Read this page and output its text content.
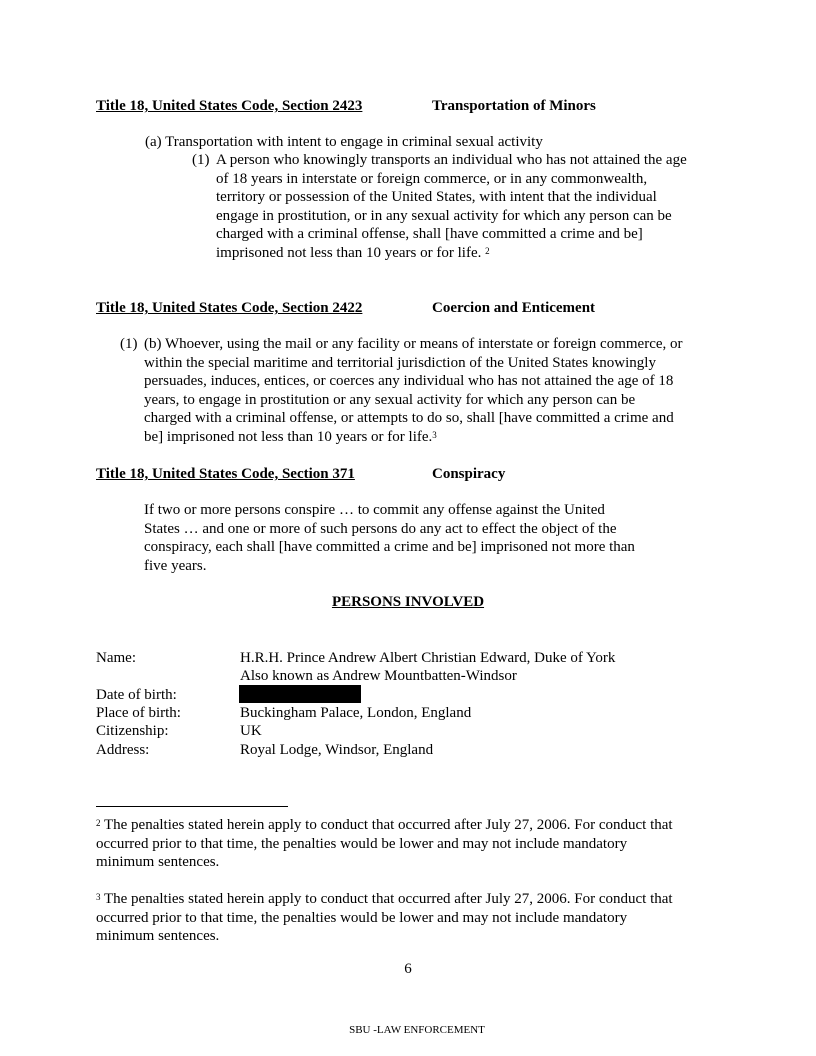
Title 18, United States Code, Section 2423	Transportation of Minors
(a) Transportation with intent to engage in criminal sexual activity
(1) A person who knowingly transports an individual who has not attained the age
of 18 years in interstate or foreign commerce, or in any commonwealth,
territory or possession of the United States, with intent that the individual
engage in prostitution, or in any sexual activity for which any person can be
charged with a criminal offense, shall [have committed a crime and be]
imprisoned not less than 10 years or for life. $^2$
Title 18, United States Code, Section 2422	Coercion and Enticement
(1) (b) Whoever, using the mail or any facility or means of interstate or foreign commerce, or
within the special maritime and territorial jurisdiction of the United States knowingly
persuades, induces, entices, or coerces any individual who has not attained the age of 18
years, to engage in prostitution or any sexual activity for which any person can be
charged with a criminal offense, or attempts to do so, shall [have committed a crime and
be] imprisoned not less than 10 years or for life.$^3$
Title 18, United States Code, Section 371	Conspiracy
If two or more persons conspire … to commit any offense against the United
States … and one or more of such persons do any act to effect the object of the
conspiracy, each shall [have committed a crime and be] imprisoned not more than
five years.
PERSONS INVOLVED
Name:	H.R.H. Prince Andrew Albert Christian Edward, Duke of York
Also known as Andrew Mountbatten-Windsor
Date of birth:
Place of birth:	Buckingham Palace, London, England
Citizenship:	UK
Address:	Royal Lodge, Windsor, England
$^2$ The penalties stated herein apply to conduct that occurred after July 27, 2006. For conduct that
occurred prior to that time, the penalties would be lower and may not include mandatory
minimum sentences.
$^3$ The penalties stated herein apply to conduct that occurred after July 27, 2006. For conduct that
occurred prior to that time, the penalties would be lower and may not include mandatory
minimum sentences.
6
SBU -LAW ENFORCEMENT
